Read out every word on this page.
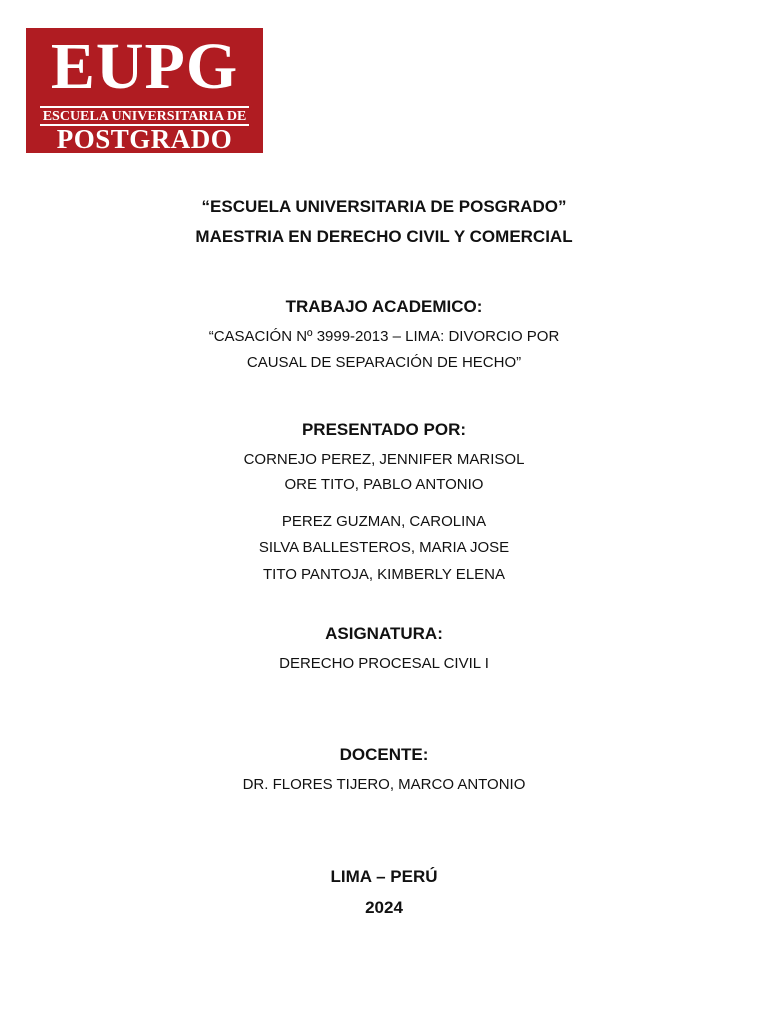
EUPG
ESCUELA UNIVERSITARIA DE
POSTGRADO

“ESCUELA UNIVERSITARIA DE POSGRADO”

MAESTRIA EN DERECHO CIVIL Y COMERCIAL

TRABAJO ACADEMICO:

“CASACIÓN Nº 3999-2013 – LIMA: DIVORCIO POR

CAUSAL DE SEPARACIÓN DE HECHO”

PRESENTADO POR:

CORNEJO PEREZ, JENNIFER MARISOL

ORE TITO, PABLO ANTONIO

PEREZ GUZMAN, CAROLINA

SILVA BALLESTEROS, MARIA JOSE

TITO PANTOJA, KIMBERLY ELENA

ASIGNATURA:

DERECHO PROCESAL CIVIL I

DOCENTE:

DR. FLORES TIJERO, MARCO ANTONIO

LIMA – PERÚ

2024
